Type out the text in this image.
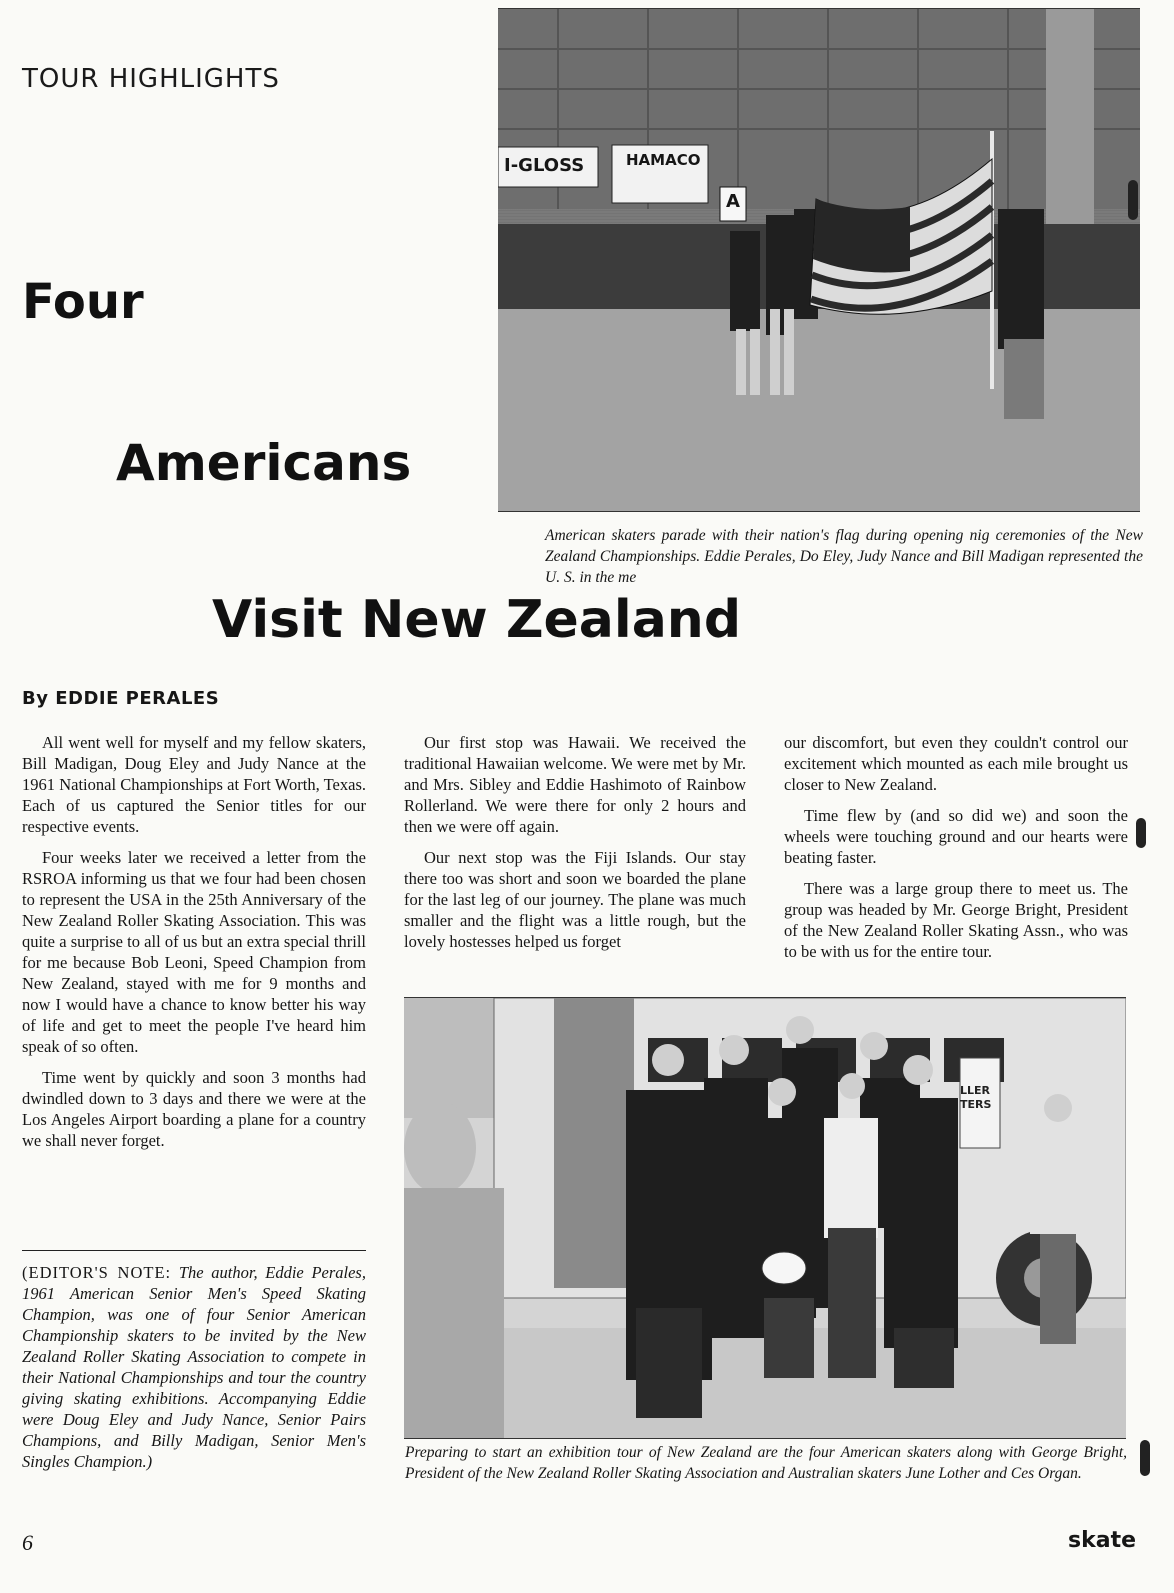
TOUR HIGHLIGHTS
Four
Americans
I-GLOSS	HAMACO
A
American skaters parade with their nation's flag during opening nig ceremonies of the New Zealand Championships. Eddie Perales, Do Eley, Judy Nance and Bill Madigan represented the U. S. in the me
Visit New Zealand
By EDDIE PERALES

All went well for myself and my fellow skaters, Bill Madigan, Doug Eley and Judy Nance at the 1961 National Championships at Fort Worth, Texas. Each of us captured the Senior titles for our respective events.

Four weeks later we received a letter from the RSROA informing us that we four had been chosen to represent the USA in the 25th Anniversary of the New Zealand Roller Skating Association. This was quite a surprise to all of us but an extra special thrill for me because Bob Leoni, Speed Champion from New Zealand, stayed with me for 9 months and now I would have a chance to know better his way of life and get to meet the people I've heard him speak of so often.

Time went by quickly and soon 3 months had dwindled down to 3 days and there we were at the Los Angeles Airport boarding a plane for a country we shall never forget.

Our first stop was Hawaii. We received the traditional Hawaiian welcome. We were met by Mr. and Mrs. Sibley and Eddie Hashimoto of Rainbow Rollerland. We were there for only 2 hours and then we were off again.

Our next stop was the Fiji Islands. Our stay there too was short and soon we boarded the plane for the last leg of our journey. The plane was much smaller and the flight was a little rough, but the lovely hostesses helped us forget

our discomfort, but even they couldn't control our excitement which mounted as each mile brought us closer to New Zealand.

Time flew by (and so did we) and soon the wheels were touching ground and our hearts were beating faster.

There was a large group there to meet us. The group was headed by Mr. George Bright, President of the New Zealand Roller Skating Assn., who was to be with us for the entire tour.

(EDITOR'S NOTE: The author, Eddie Perales, 1961 American Senior Men's Speed Skating Champion, was one of four Senior American Championship skaters to be invited by the New Zealand Roller Skating Association to compete in their National Championships and tour the country giving skating exhibitions. Accompanying Eddie were Doug Eley and Judy Nance, Senior Pairs Champions, and Billy Madigan, Senior Men's Singles Champion.)
LLER TERS
Preparing to start an exhibition tour of New Zealand are the four American skaters along with George Bright, President of the New Zealand Roller Skating Association and Australian skaters June Lother and Ces Organ.
6	skate
